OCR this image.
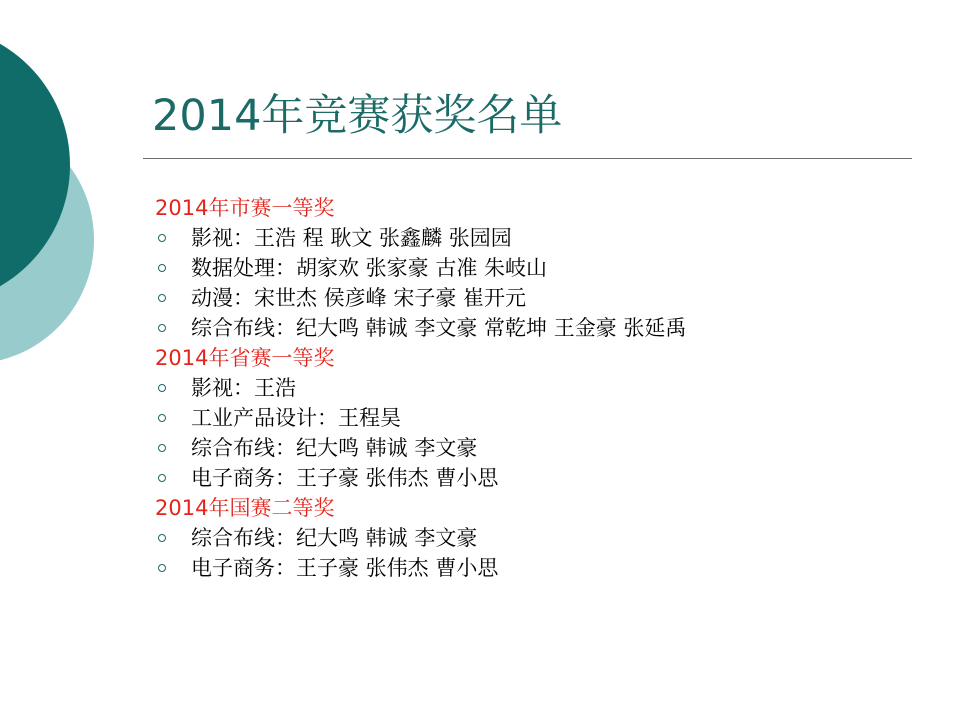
2014年竞赛获奖名单
2014年市赛一等奖
影视：王浩 程 耿文 张鑫麟 张园园
数据处理：胡家欢 张家豪 古准 朱岐山
动漫：宋世杰 侯彦峰 宋子豪 崔开元
综合布线：纪大鸣 韩诚 李文豪 常乾坤 王金豪 张延禹
2014年省赛一等奖
影视：王浩
工业产品设计：王程昊
综合布线：纪大鸣 韩诚 李文豪
电子商务：王子豪 张伟杰 曹小思
2014年国赛二等奖
综合布线：纪大鸣 韩诚 李文豪
电子商务：王子豪 张伟杰 曹小思
